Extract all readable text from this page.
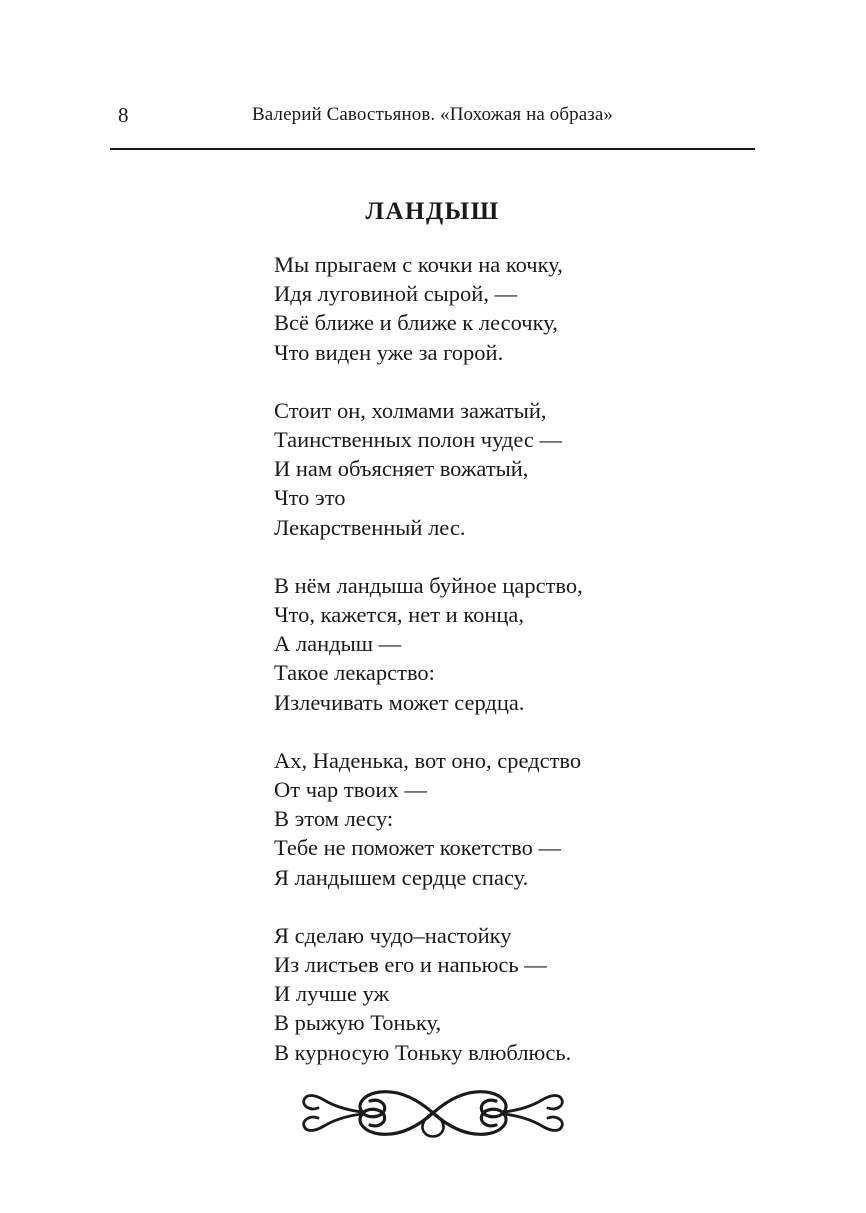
8	Валерий Савостьянов. «Похожая на образа»
ЛАНДЫШ
Мы прыгаем с кочки на кочку,
Идя луговиной сырой, —
Всё ближе и ближе к лесочку,
Что виден уже за горой.
Стоит он, холмами зажатый,
Таинственных полон чудес —
И нам объясняет вожатый,
Что это
Лекарственный лес.
В нём ландыша буйное царство,
Что, кажется, нет и конца,
А ландыш —
Такое лекарство:
Излечивать может сердца.
Ах, Наденька, вот оно, средство
От чар твоих —
В этом лесу:
Тебе не поможет кокетство —
Я ландышем сердце спасу.
Я сделаю чудо–настойку
Из листьев его и напьюсь —
И лучше уж
В рыжую Тоньку,
В курносую Тоньку влюблюсь.
